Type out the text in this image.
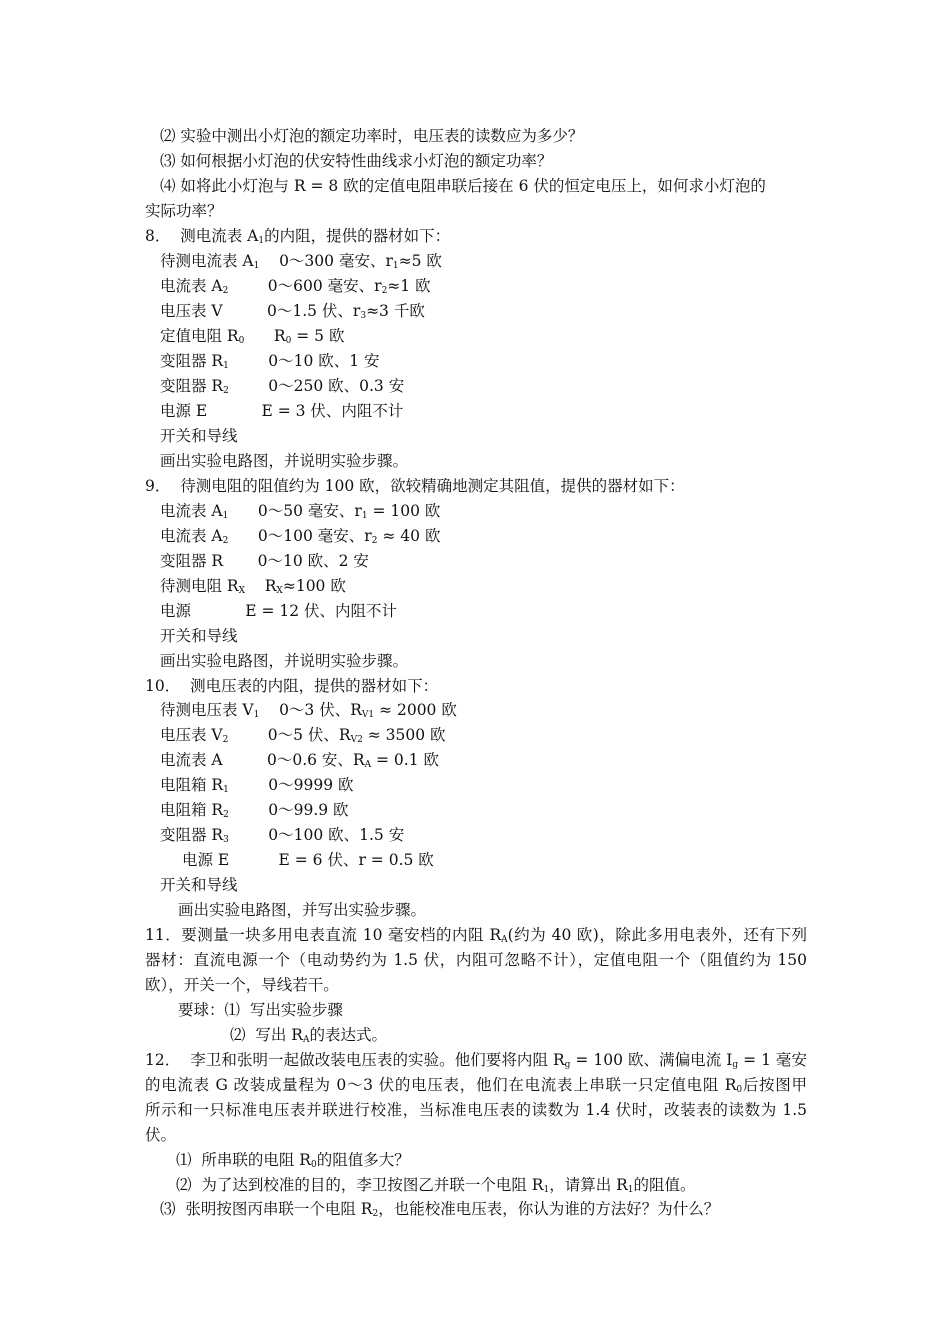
⑵ 实验中测出小灯泡的额定功率时，电压表的读数应为多少？
⑶ 如何根据小灯泡的伏安特性曲线求小灯泡的额定功率？
⑷ 如将此小灯泡与 R = 8 欧的定值电阻串联后接在 6 伏的恒定电压上，如何求小灯泡的
实际功率？
8．  测电流表 $A_1$的内阻，提供的器材如下：
待测电流表 $A_1$    0～300 毫安、$r_1\approx 5$ 欧
电流表 $A_2$        0～600 毫安、$r_2\approx 1$ 欧
电压表 V         0～1.5 伏、$r_3\approx 3$ 千欧
定值电阻 $R_0$      $R_0 = 5$ 欧
变阻器 $R_1$        0～10 欧、1 安
变阻器 $R_2$        0～250 欧、0.3 安
电源 E           E = 3 伏、内阻不计
开关和导线
画出实验电路图，并说明实验步骤。
9．  待测电阻的阻值约为 100 欧，欲较精确地测定其阻值，提供的器材如下：
电流表 $A_1$      0～50 毫安、$r_1 = 100$ 欧
电流表 $A_2$      0～100 毫安、$r_2 \approx 40$ 欧
变阻器 R       0～10 欧、2 安
待测电阻 $R_X$    $R_X\approx 100$ 欧
电源           E = 12 伏、内阻不计
开关和导线
画出实验电路图，并说明实验步骤。
10．  测电压表的内阻，提供的器材如下：
待测电压表 $V_1$    0～3 伏、$R_{V1} \approx 2000$ 欧
电压表 $V_2$        0～5 伏、$R_{V2} \approx 3500$ 欧
电流表 A         0～0.6 安、$R_A = 0.1$ 欧
电阻箱 $R_1$        0～9999 欧
电阻箱 $R_2$        0～99.9 欧
变阻器 $R_3$        0～100 欧、1.5 安
电源 E          E = 6 伏、r = 0.5 欧
开关和导线
画出实验电路图，并写出实验步骤。
11．要测量一块多用电表直流 10 毫安档的内阻 $R_A$(约为 40 欧)，除此多用电表外，还有下列
器材：直流电源一个（电动势约为 1.5 伏，内阻可忽略不计），定值电阻一个（阻值约为 150
欧），开关一个，导线若干。
要球：⑴  写出实验步骤
⑵  写出 $R_A$的表达式。
12．  李卫和张明一起做改装电压表的实验。他们要将内阻 $R_g = 100$ 欧、满偏电流 $I_g = 1$ 毫安
的电流表 G 改装成量程为 0～3 伏的电压表，他们在电流表上串联一只定值电阻 $R_0$后按图甲
所示和一只标准电压表并联进行校准，当标准电压表的读数为 1.4 伏时，改装表的读数为 1.5
伏。
⑴  所串联的电阻 $R_0$的阻值多大？
⑵  为了达到校准的目的，李卫按图乙并联一个电阻 $R_1$，请算出 $R_1$的阻值。
⑶  张明按图丙串联一个电阻 $R_2$，也能校准电压表，你认为谁的方法好？为什么？
